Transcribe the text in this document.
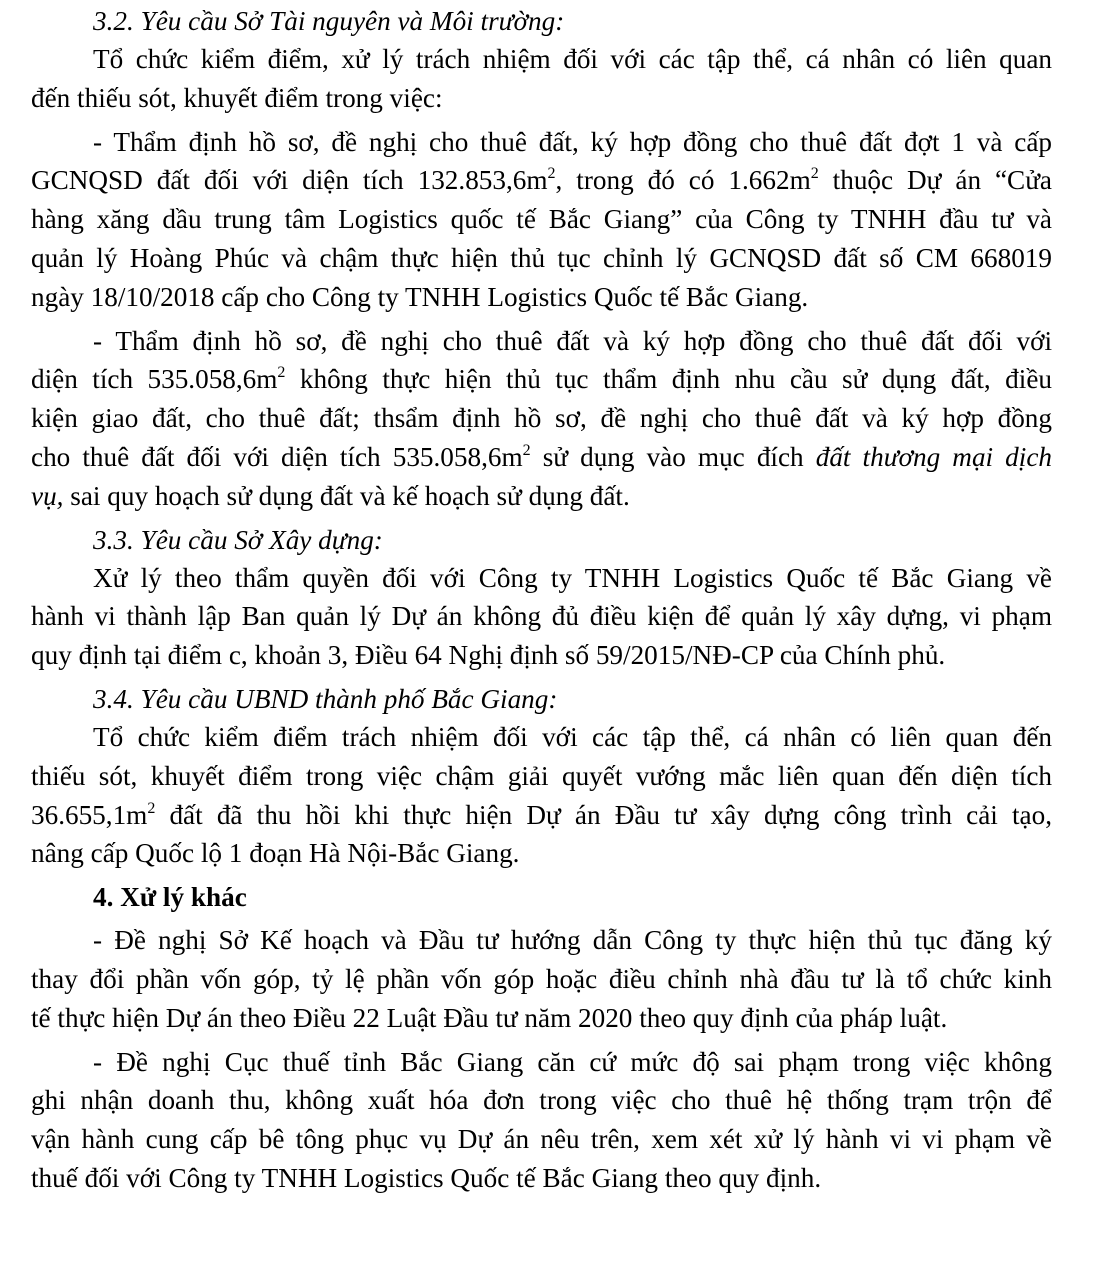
3.2. Yêu cầu Sở Tài nguyên và Môi trường:

Tổ chức kiểm điểm, xử lý trách nhiệm đối với các tập thể, cá nhân có liên quan
đến thiếu sót, khuyết điểm trong việc:
- Thẩm định hồ sơ, đề nghị cho thuê đất, ký hợp đồng cho thuê đất đợt 1 và cấp
GCNQSD đất đối với diện tích $132.853,6m^2$, trong đó có $1.662m^2$ thuộc Dự án “Cửa
hàng xăng dầu trung tâm Logistics quốc tế Bắc Giang” của Công ty TNHH đầu tư và
quản lý Hoàng Phúc và chậm thực hiện thủ tục chỉnh lý GCNQSD đất số CM 668019
ngày 18/10/2018 cấp cho Công ty TNHH Logistics Quốc tế Bắc Giang.
- Thẩm định hồ sơ, đề nghị cho thuê đất và ký hợp đồng cho thuê đất đối với
diện tích $535.058,6m^2$ không thực hiện thủ tục thẩm định nhu cầu sử dụng đất, điều
kiện giao đất, cho thuê đất; thsẩm định hồ sơ, đề nghị cho thuê đất và ký hợp đồng
cho thuê đất đối với diện tích $535.058,6m^2$ sử dụng vào mục đích đất thương mại dịch
vụ, sai quy hoạch sử dụng đất và kế hoạch sử dụng đất.

3.3. Yêu cầu Sở Xây dựng:

Xử lý theo thẩm quyền đối với Công ty TNHH Logistics Quốc tế Bắc Giang về
hành vi thành lập Ban quản lý Dự án không đủ điều kiện để quản lý xây dựng, vi phạm
quy định tại điểm c, khoản 3, Điều 64 Nghị định số 59/2015/NĐ-CP của Chính phủ.

3.4. Yêu cầu UBND thành phố Bắc Giang:

Tổ chức kiểm điểm trách nhiệm đối với các tập thể, cá nhân có liên quan đến
thiếu sót, khuyết điểm trong việc chậm giải quyết vướng mắc liên quan đến diện tích
$36.655,1m^2$ đất đã thu hồi khi thực hiện Dự án Đầu tư xây dựng công trình cải tạo,
nâng cấp Quốc lộ 1 đoạn Hà Nội-Bắc Giang.

4. Xử lý khác

- Đề nghị Sở Kế hoạch và Đầu tư hướng dẫn Công ty thực hiện thủ tục đăng ký
thay đổi phần vốn góp, tỷ lệ phần vốn góp hoặc điều chỉnh nhà đầu tư là tổ chức kinh
tế thực hiện Dự án theo Điều 22 Luật Đầu tư năm 2020 theo quy định của pháp luật.
- Đề nghị Cục thuế tỉnh Bắc Giang căn cứ mức độ sai phạm trong việc không
ghi nhận doanh thu, không xuất hóa đơn trong việc cho thuê hệ thống trạm trộn để
vận hành cung cấp bê tông phục vụ Dự án nêu trên, xem xét xử lý hành vi vi phạm về
thuế đối với Công ty TNHH Logistics Quốc tế Bắc Giang theo quy định.
